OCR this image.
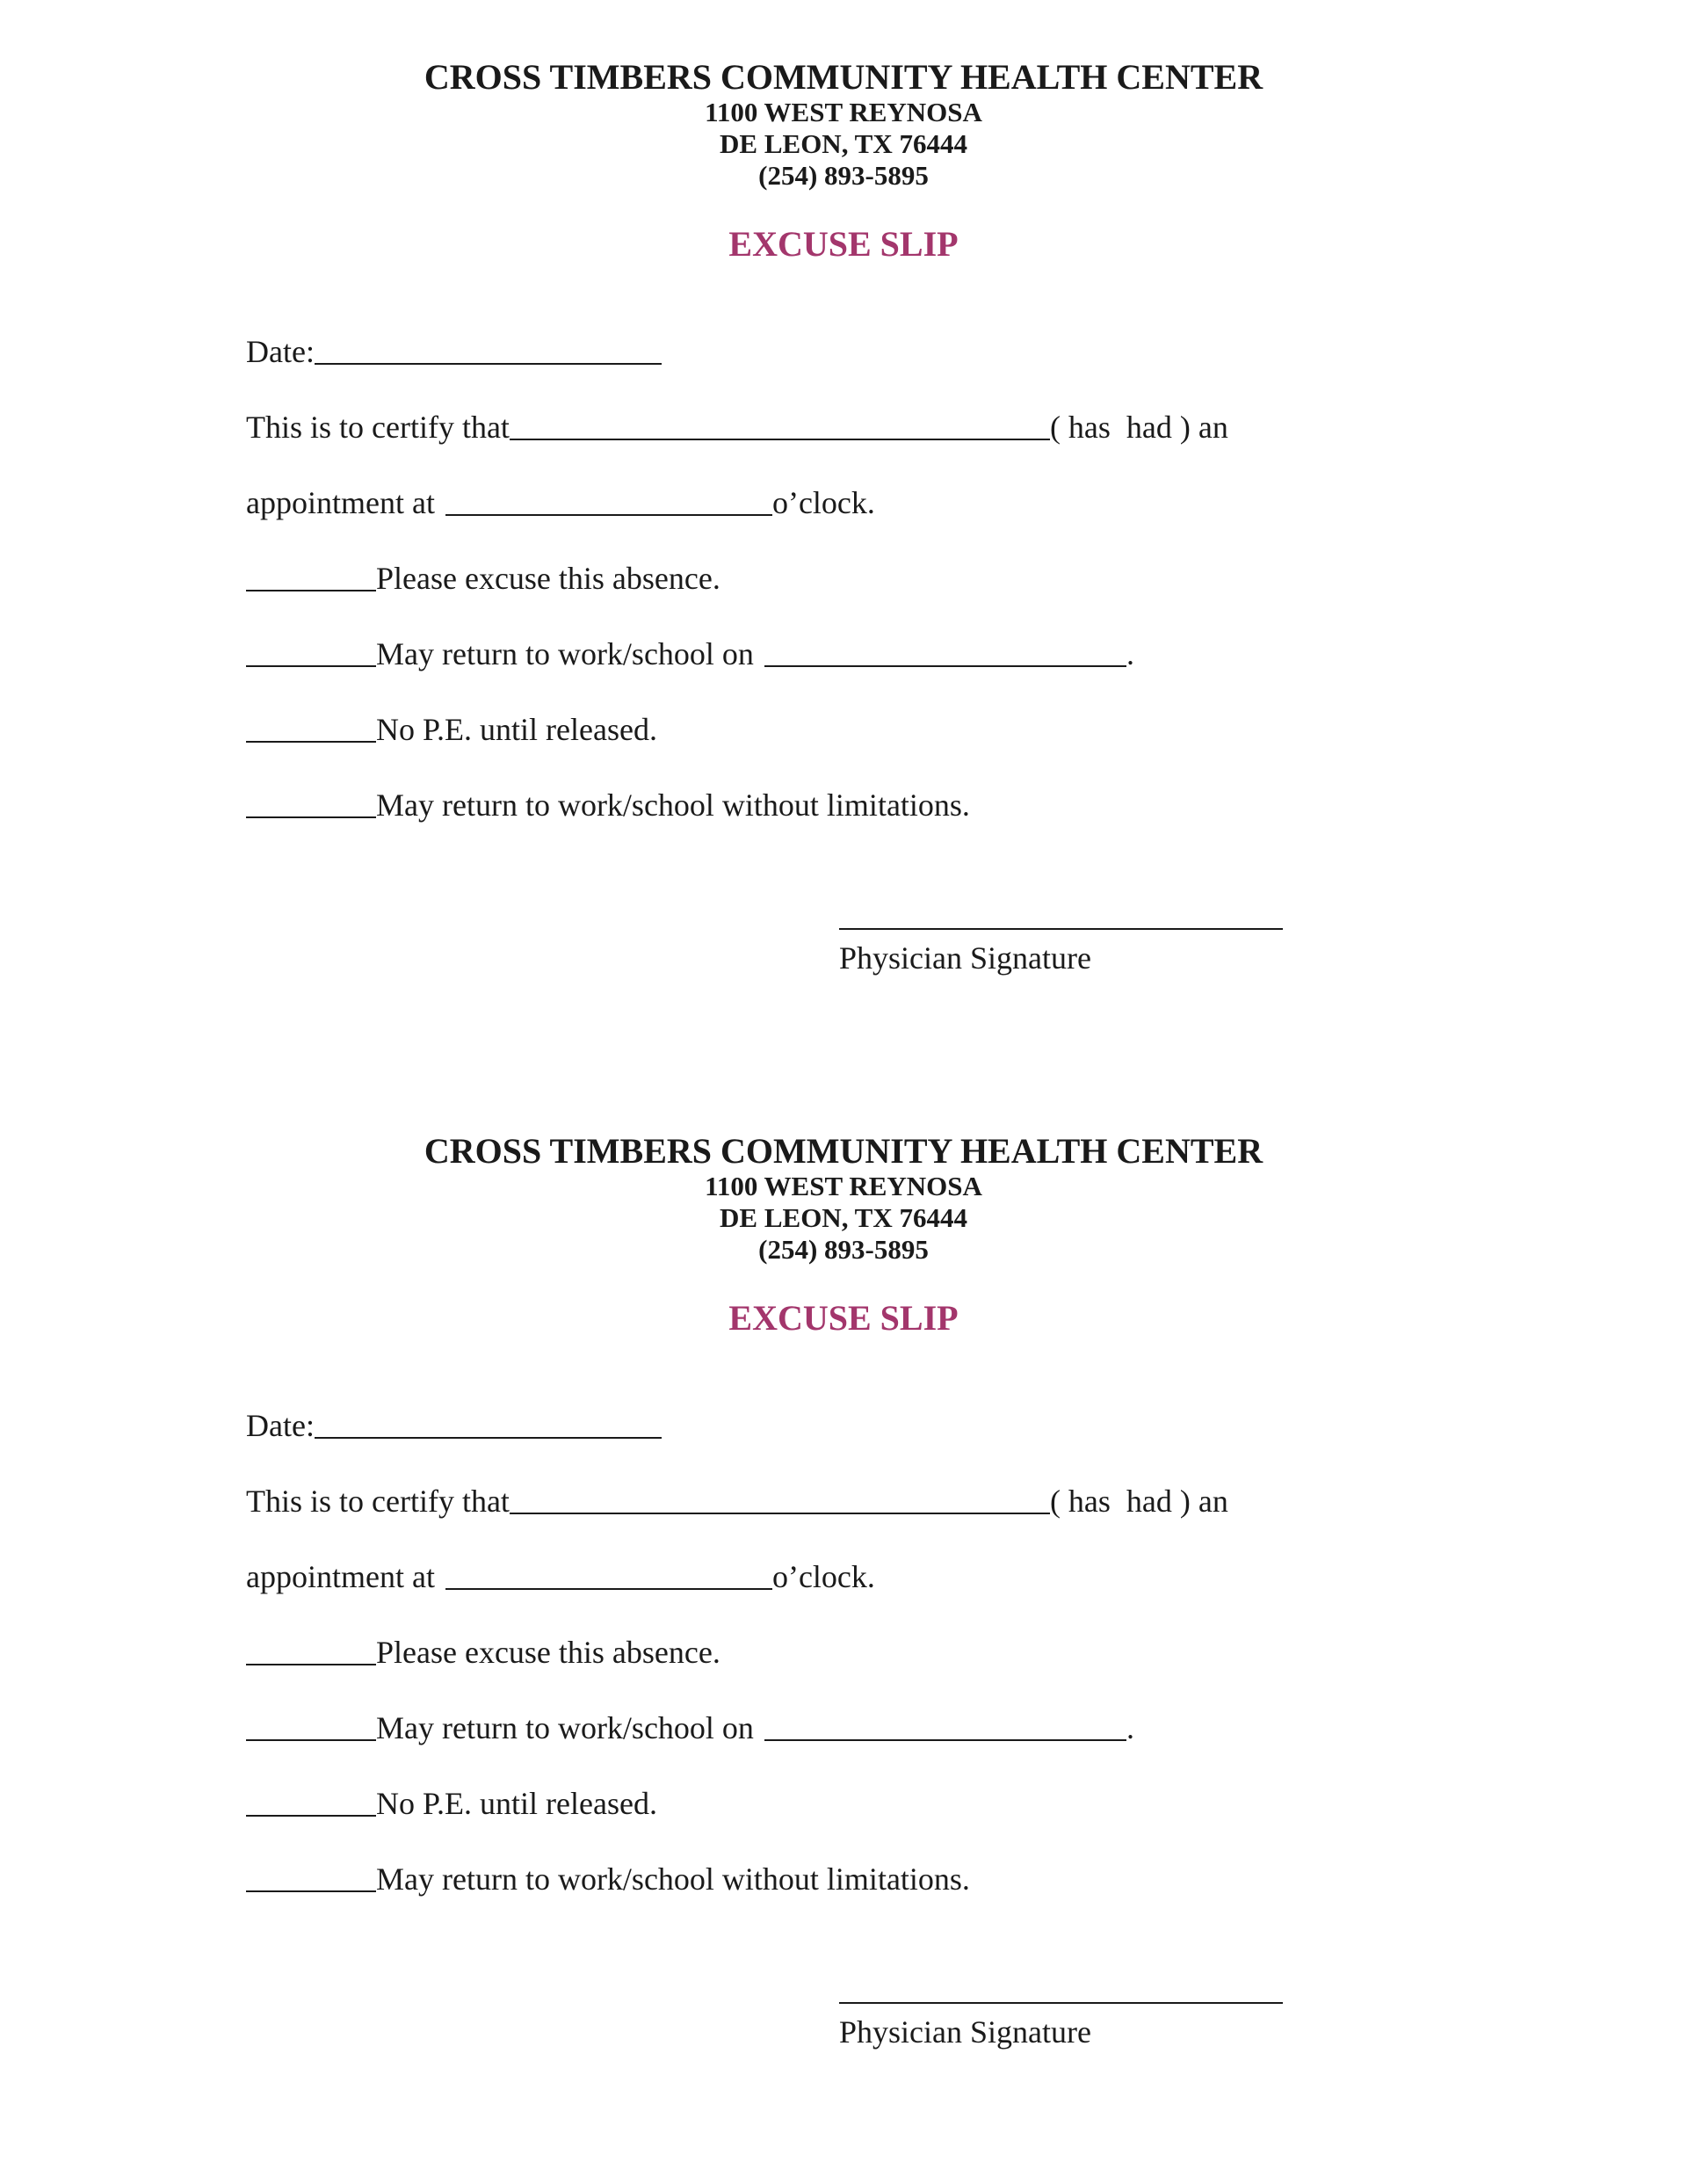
CROSS TIMBERS COMMUNITY HEALTH CENTER
1100 WEST REYNOSA
DE LEON, TX 76444
(254) 893-5895
EXCUSE SLIP
Date:
This is to certify that	( has  had ) an
appointment at	o’clock.
Please excuse this absence.
May return to work/school on	.
No P.E. until released.
May return to work/school without limitations.
Physician Signature
CROSS TIMBERS COMMUNITY HEALTH CENTER
1100 WEST REYNOSA
DE LEON, TX 76444
(254) 893-5895
EXCUSE SLIP
Date:
This is to certify that	( has  had ) an
appointment at	o’clock.
Please excuse this absence.
May return to work/school on	.
No P.E. until released.
May return to work/school without limitations.
Physician Signature
